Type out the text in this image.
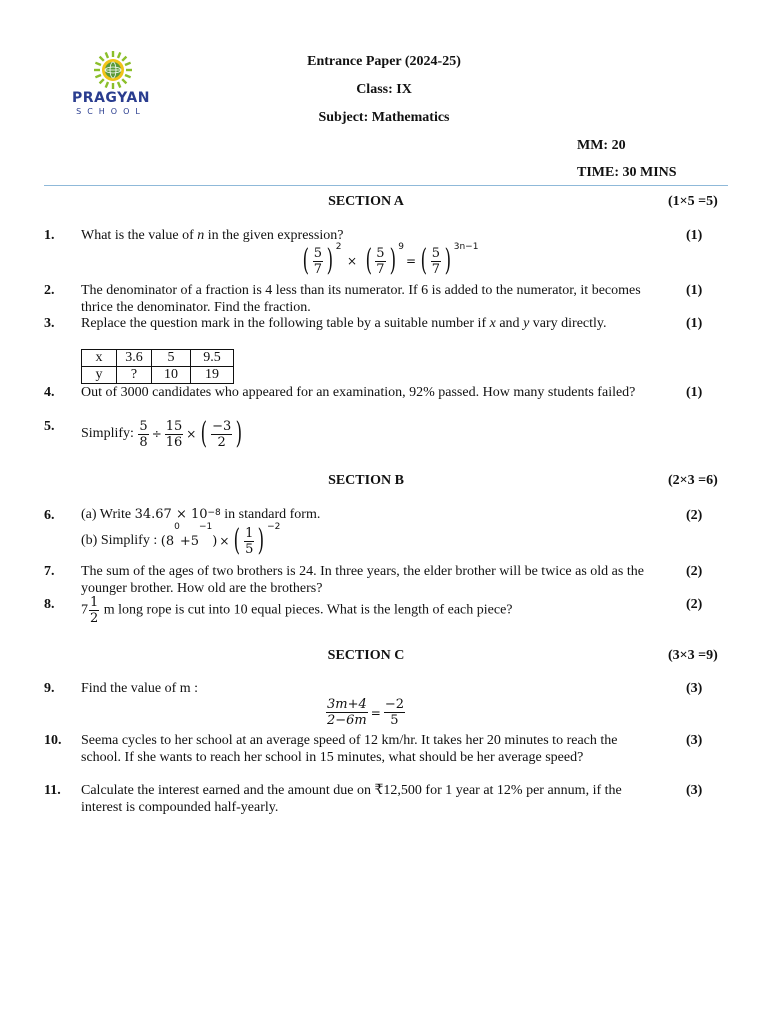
PRAGYAN
SCHOOL
Entrance Paper (2024-25)
Class: IX
Subject: Mathematics
MM: 20
TIME: 30 MINS
SECTION A	(1×5 =5)
1. What is the value of n in the given expression?	(1)
( $\frac{5}{7}$ ) $^2$ × ( $\frac{5}{7}$ ) $^9$= ( $\frac{5}{7}$ ) $^{3n-1}$
2. The denominator of a fraction is 4 less than its numerator. If 6 is added to the numerator, it becomes thrice the denominator. Find the fraction.
(1)
3. Replace the question mark in the following table by a suitable number if x and y vary directly.	(1)
x	3.6	5	9.5
y	?	10	19
4. Out of 3000 candidates who appeared for an examination, 92% passed. How many students failed?	(1)
5. Simplify: $\frac{5}{8} \div \frac{15}{16}$ × ( $\frac{-3}{2}$ )
SECTION B	(2×3 =6)
6. (a) Write $34.67 \times 10^{-8}$ in standard form.	(2)
(b) Simplify : $(8^0+5^{-1})$ × ( $\frac{1}{5}$ ) $^{-2}$
7. The sum of the ages of two brothers is 24. In three years, the elder brother will be twice as old as the younger brother. How old are the brothers?
(2)
8. $7 \frac{1}{2}$ m long rope is cut into 10 equal pieces. What is the length of each piece?	(2)
SECTION C	(3×3 =9)
9. Find the value of m :	(3)
$\frac{3m+4}{2-6m} = \frac{-2}{5}$
10. Seema cycles to her school at an average speed of 12 km/hr. It takes her 20 minutes to reach the school. If she wants to reach her school in 15 minutes, what should be her average speed?
(3)
11. Calculate the interest earned and the amount due on ₹12,500 for 1 year at 12% per annum, if the interest is compounded half-yearly.
(3)
